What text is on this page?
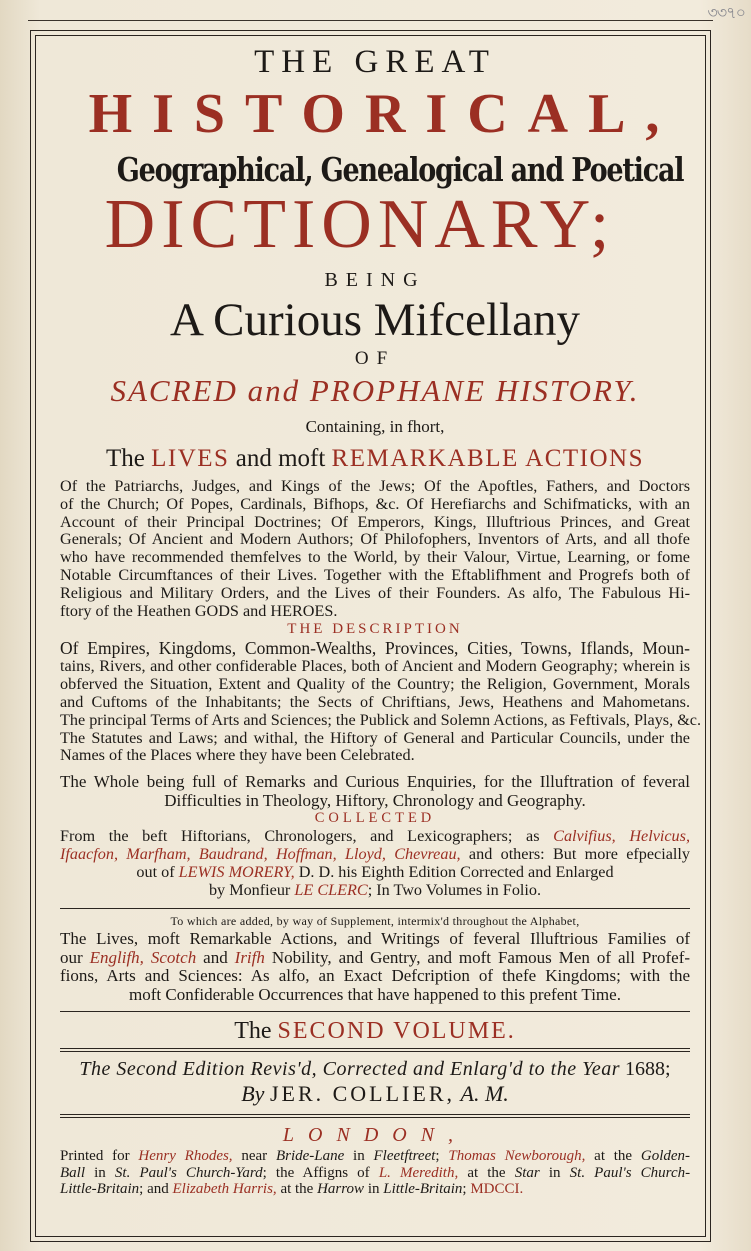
৩৩৭০
THE GREAT
HISTORICAL,
Geographical, Genealogical and Poetical
DICTIONARY;
BEING
A Curious Mifcellany
OF
SACRED and PROPHANE HISTORY.
Containing, in fhort,
The LIVES and moft REMARKABLE ACTIONS
Of the Patriarchs, Judges, and Kings of the Jews; Of the Apoftles, Fathers, and Doctors
of the Church; Of Popes, Cardinals, Bifhops, &c. Of Herefiarchs and Schifmaticks, with an
Account of their Principal Doctrines; Of Emperors, Kings, Illuftrious Princes, and Great
Generals; Of Ancient and Modern Authors; Of Philofophers, Inventors of Arts, and all thofe
who have recommended themfelves to the World, by their Valour, Virtue, Learning, or fome
Notable Circumftances of their Lives. Together with the Eftablifhment and Progrefs both of
Religious and Military Orders, and the Lives of their Founders. As alfo, The Fabulous Hi-
ftory of the Heathen GODS and HEROES.
THE DESCRIPTION
Of Empires, Kingdoms, Common-Wealths, Provinces, Cities, Towns, Iflands, Moun-
tains, Rivers, and other confiderable Places, both of Ancient and Modern Geography; wherein is
obferved the Situation, Extent and Quality of the Country; the Religion, Government, Morals
and Cuftoms of the Inhabitants; the Sects of Chriftians, Jews, Heathens and Mahometans.
The principal Terms of Arts and Sciences; the Publick and Solemn Actions, as Feftivals, Plays, &c.
The Statutes and Laws; and withal, the Hiftory of General and Particular Councils, under the
Names of the Places where they have been Celebrated.
The Whole being full of Remarks and Curious Enquiries, for the Illuftration of feveral
Difficulties in Theology, Hiftory, Chronology and Geography.
COLLECTED
From the beft Hiftorians, Chronologers, and Lexicographers; as Calvifius, Helvicus,
Ifaacfon, Marfham, Baudrand, Hoffman, Lloyd, Chevreau, and others: But more efpecially
out of LEWIS MORERY, D. D. his Eighth Edition Corrected and Enlarged
by Monfieur LE CLERC; In Two Volumes in Folio.
To which are added, by way of Supplement, intermix'd throughout the Alphabet,
The Lives, moft Remarkable Actions, and Writings of feveral Illuftrious Families of
our Englifh, Scotch and Irifh Nobility, and Gentry, and moft Famous Men of all Profef-
fions, Arts and Sciences: As alfo, an Exact Defcription of thefe Kingdoms; with the
moft Confiderable Occurrences that have happened to this prefent Time.
The SECOND VOLUME.
The Second Edition Revis'd, Corrected and Enlarg'd to the Year 1688;
By JER. COLLIER, A. M.
LONDON,
Printed for Henry Rhodes, near Bride-Lane in Fleetftreet; Thomas Newborough, at the Golden-
Ball in St. Paul's Church-Yard; the Affigns of L. Meredith, at the Star in St. Paul's Church-
Little-Britain; and Elizabeth Harris, at the Harrow in Little-Britain; MDCCI.
